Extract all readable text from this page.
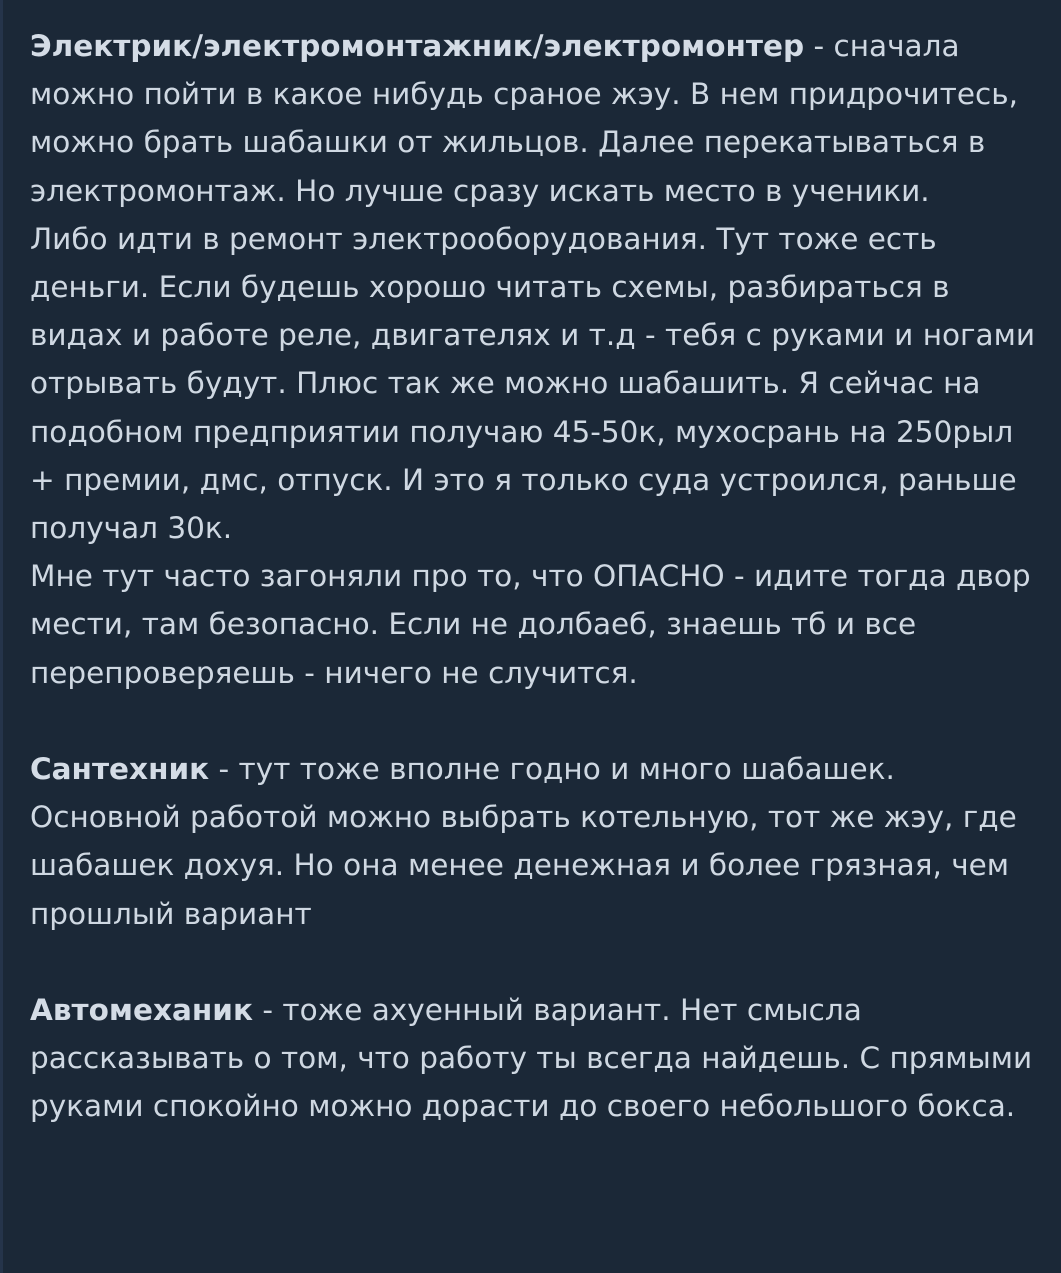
Электрик/электромонтажник/электромонтер - сначала можно пойти в какое нибудь сраное жэу. В нем придрочитесь, можно брать шабашки от жильцов. Далее перекатываться в электромонтаж. Но лучше сразу искать место в ученики.

Либо идти в ремонт электрооборудования. Тут тоже есть деньги. Если будешь хорошо читать схемы, разбираться в видах и работе реле, двигателях и т.д - тебя с руками и ногами отрывать будут. Плюс так же можно шабашить. Я сейчас на подобном предприятии получаю 45-50к, мухосрань на 250рыл + премии, дмс, отпуск. И это я только суда устроился, раньше получал 30к.

Мне тут часто загоняли про то, что ОПАСНО - идите тогда двор мести, там безопасно. Если не долбаеб, знаешь тб и все перепроверяешь - ничего не случится.

Сантехник - тут тоже вполне годно и много шабашек. Основной работой можно выбрать котельную, тот же жэу, где шабашек дохуя. Но она менее денежная и более грязная, чем прошлый вариант

Автомеханик - тоже ахуенный вариант. Нет смысла рассказывать о том, что работу ты всегда найдешь. С прямыми руками спокойно можно дорасти до своего небольшого бокса.
